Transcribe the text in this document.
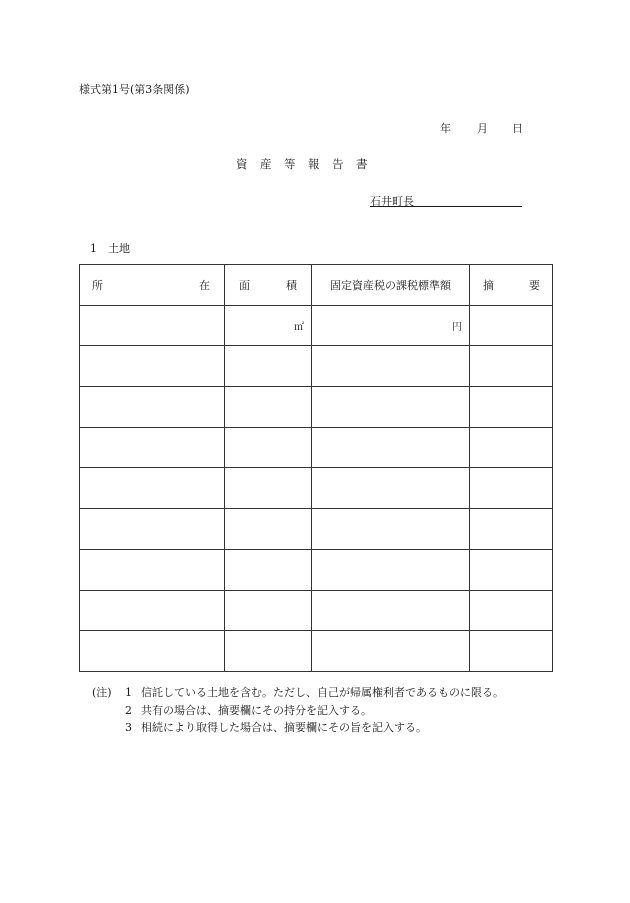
様式第1号(第3条関係)
年 月 日
資 産 等 報 告 書
石井町長
1　土地
所 在	面 積	固定資産税の課税標準額	摘 要

	㎡	円	

(注)	1 信託している土地を含む。ただし、自己が帰属権利者であるものに限る。
2 共有の場合は、摘要欄にその持分を記入する。
3 相続により取得した場合は、摘要欄にその旨を記入する。
